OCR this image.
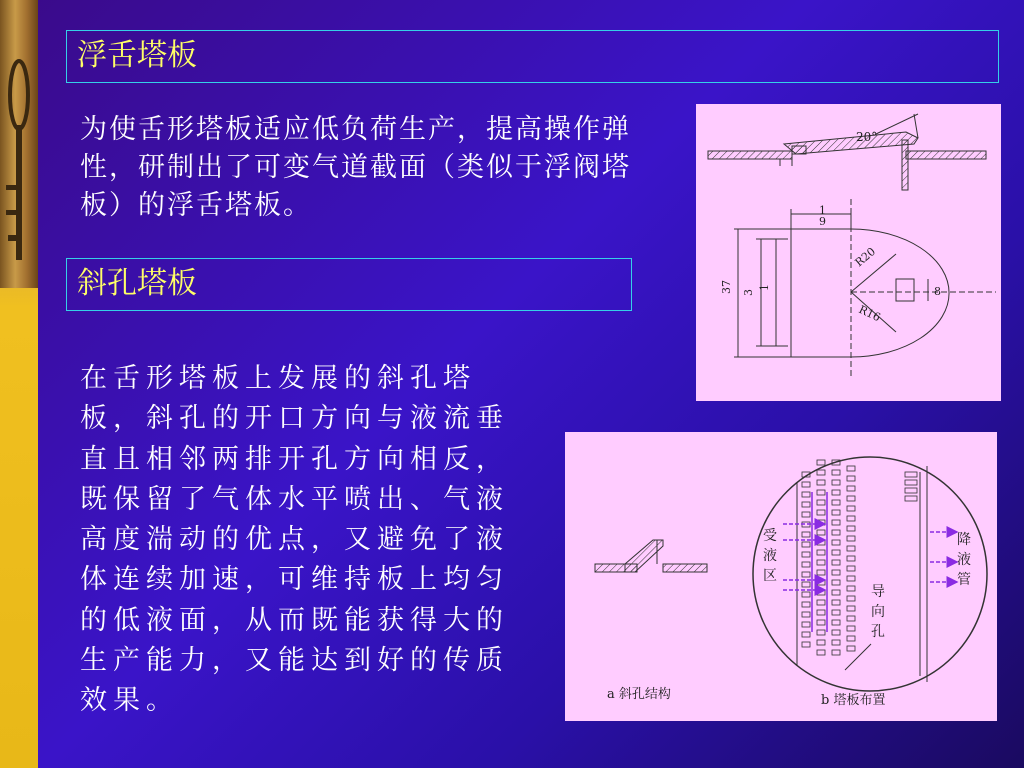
浮舌塔板

为使舌形塔板适应低负荷生产，提高操作弹性，研制出了可变气道截面（类似于浮阀塔板）的浮舌塔板。

斜孔塔板

在舌形塔板上发展的斜孔塔板，斜孔的开口方向与液流垂直且相邻两排开孔方向相反，既保留了气体水平喷出、气液高度湍动的优点，又避免了液体连续加速，可维持板上均匀的低液面，从而既能获得大的生产能力，又能达到好的传质效果。

20°
1
9
37 3
1	8
R20
R16
a 斜孔结构
受
液
区
导
向
孔
降
液
管
b 塔板布置
